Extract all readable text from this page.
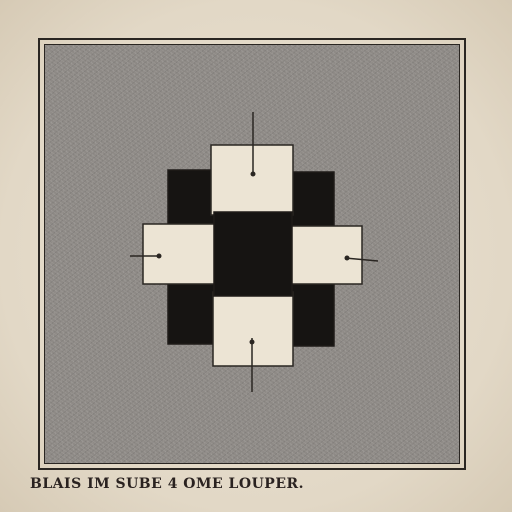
BLAIS IM SUBE 4 OME LOUPER.
